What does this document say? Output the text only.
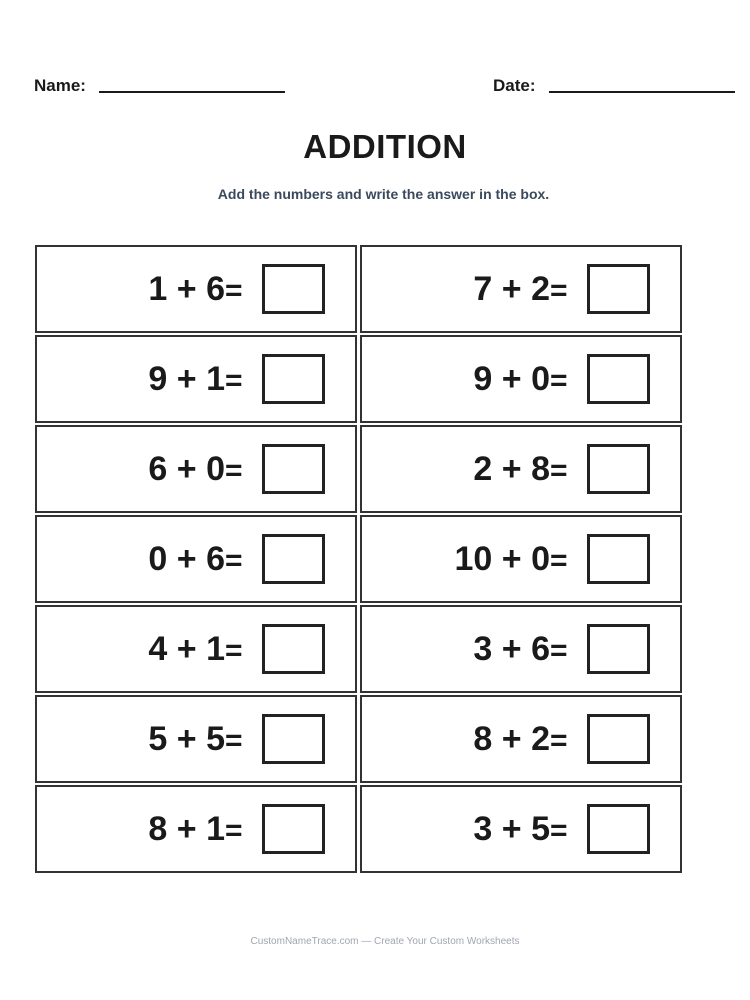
Name:	Date:
ADDITION
Add the numbers and write the answer in the box.
1 + 6 =	7 + 2 =
9 + 1 =	9 + 0 =
6 + 0 =	2 + 8 =
0 + 6 =	10 + 0 =
4 + 1 =	3 + 6 =
5 + 5 =	8 + 2 =
8 + 1 =	3 + 5 =
CustomNameTrace.com — Create Your Custom Worksheets
